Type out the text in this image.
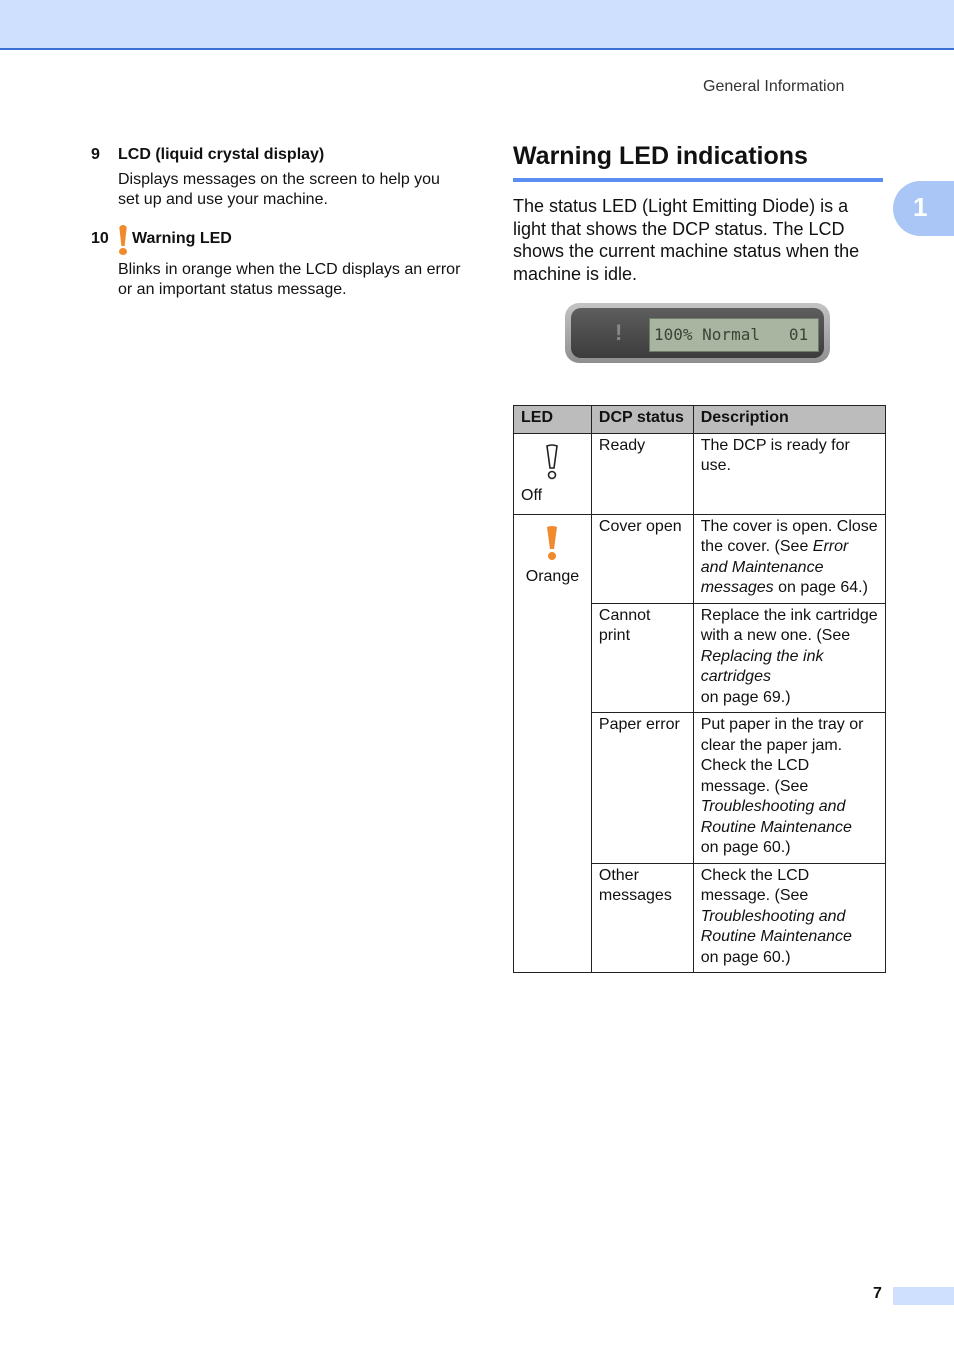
General Information
1
9 LCD (liquid crystal display)
Displays messages on the screen to help you set up and use your machine.
10 Warning LED
Blinks in orange when the LCD displays an error or an important status message.
Warning LED indications
The status LED (Light Emitting Diode) is a light that shows the DCP status. The LCD shows the current machine status when the machine is idle.
! 100% Normal   01
LED	DCP status	Description

Off	Ready	The DCP is ready for use.

Orange	Cover open	The cover is open. Close the cover. (See Error and Maintenance messages on page 64.)
	Cannot print	Replace the ink cartridge with a new one. (See Replacing the ink cartridges
on page 69.)
	Paper error	Put paper in the tray or clear the paper jam. Check the LCD message. (See Troubleshooting and Routine Maintenance
on page 60.)
	Other messages	Check the LCD message. (See Troubleshooting and Routine Maintenance
on page 60.)
7
